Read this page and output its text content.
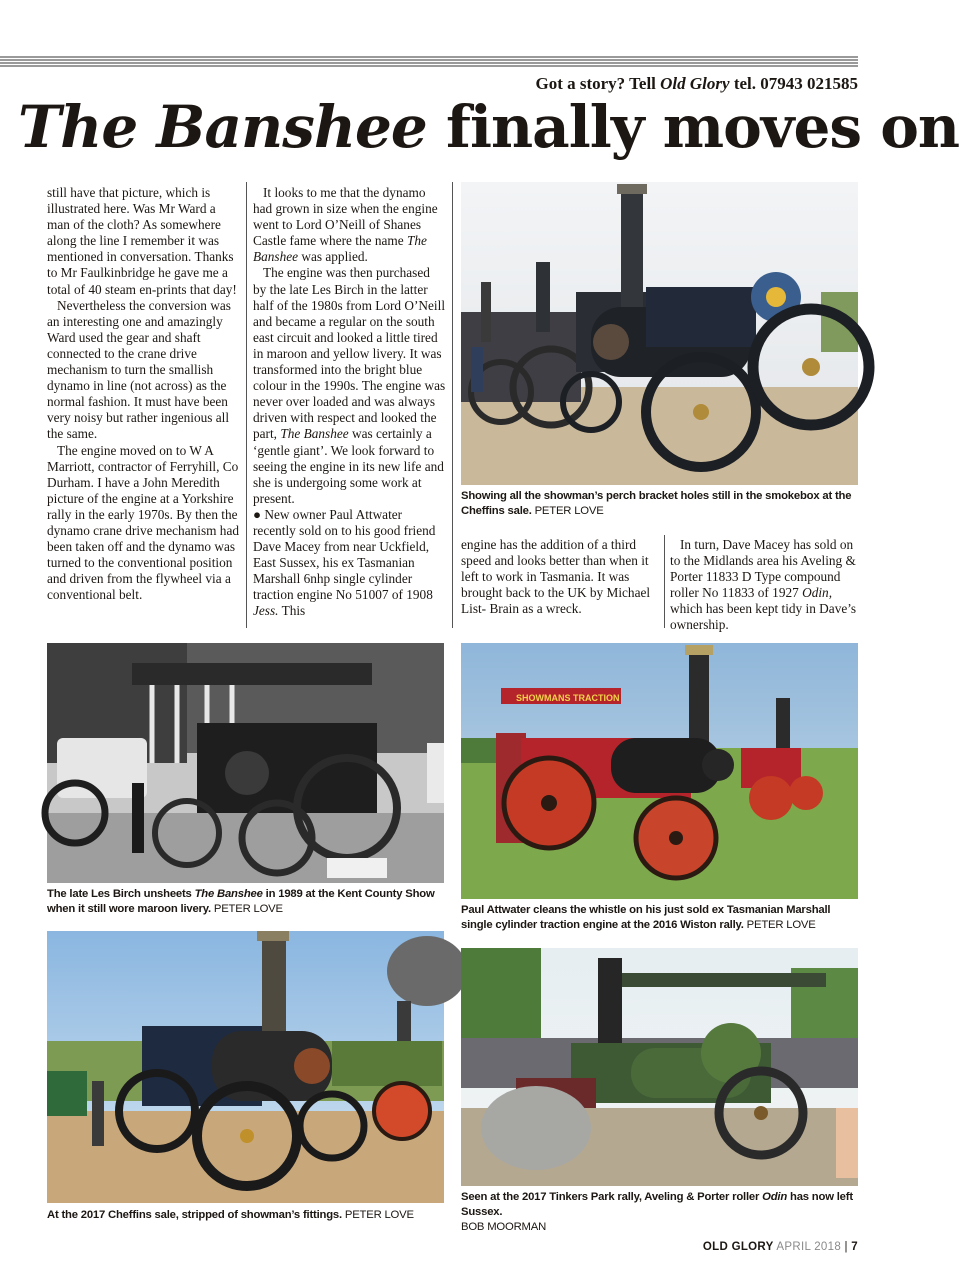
Got a story? Tell Old Glory tel. 07943 021585
The Banshee finally moves on

still have that picture, which is illustrated here. Was Mr Ward a man of the cloth? As somewhere along the line I remember it was mentioned in conversation. Thanks to Mr Faulkinbridge he gave me a total of 40 steam en-prints that day!

Nevertheless the conversion was an interesting one and amazingly Ward used the gear and shaft connected to the crane drive mechanism to turn the smallish dynamo in line (not across) as the normal fashion. It must have been very noisy but rather ingenious all the same.

The engine moved on to W A Marriott, contractor of Ferryhill, Co Durham. I have a John Meredith picture of the engine at a Yorkshire rally in the early 1970s. By then the dynamo crane drive mechanism had been taken off and the dynamo was turned to the conventional position and driven from the flywheel via a conventional belt.

It looks to me that the dynamo had grown in size when the engine went to Lord O’Neill of Shanes Castle fame where the name The Banshee was applied.

The engine was then purchased by the late Les Birch in the latter half of the 1980s from Lord O’Neill and became a regular on the south east circuit and looked a little tired in maroon and yellow livery. It was transformed into the bright blue colour in the 1990s. The engine was never over loaded and was always driven with respect and looked the part, The Banshee was certainly a ‘gentle giant’. We look forward to seeing the engine in its new life and she is undergoing some work at present.

● New owner Paul Attwater recently sold on to his good friend Dave Macey from near Uckfield, East Sussex, his ex Tasmanian Marshall 6nhp single cylinder traction engine No 51007 of 1908 Jess. This

Showing all the showman’s perch bracket holes still in the smokebox at the Cheffins sale. PETER LOVE

engine has the addition of a third speed and looks better than when it left to work in Tasmania. It was brought back to the UK by Michael List- Brain as a wreck.

In turn, Dave Macey has sold on to the Midlands area his Aveling & Porter 11833 D Type compound roller No 11833 of 1927 Odin, which has been kept tidy in Dave’s ownership.

The late Les Birch unsheets The Banshee in 1989 at the Kent County Show when it still wore maroon livery. PETER LOVE
SHOWMANS TRACTION
Paul Attwater cleans the whistle on his just sold ex Tasmanian Marshall single cylinder traction engine at the 2016 Wiston rally. PETER LOVE
At the 2017 Cheffins sale, stripped of showman’s fittings. PETER LOVE
Seen at the 2017 Tinkers Park rally, Aveling & Porter roller Odin has now left Sussex.
BOB MOORMAN
OLD GLORY APRIL 2018 | 7
